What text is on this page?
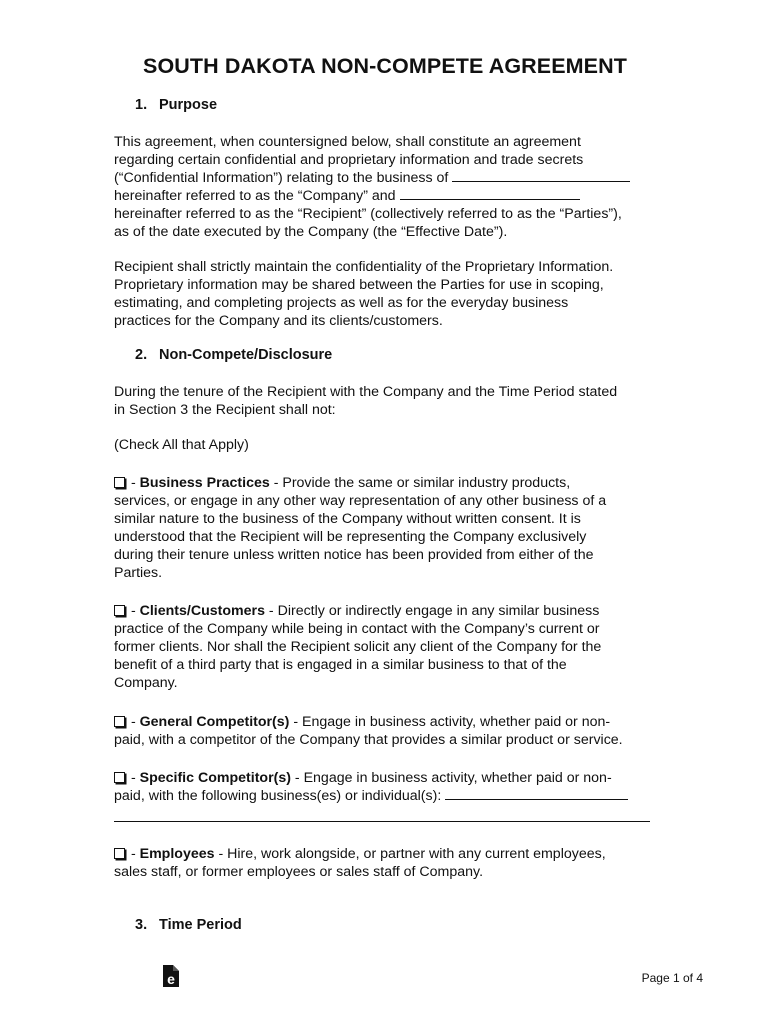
SOUTH DAKOTA NON-COMPETE AGREEMENT

1. Purpose

This agreement, when countersigned below, shall constitute an agreement
regarding certain confidential and proprietary information and trade secrets
(“Confidential Information”) relating to the business of
hereinafter referred to as the “Company” and
hereinafter referred to as the “Recipient” (collectively referred to as the “Parties”),
as of the date executed by the Company (the “Effective Date”).
Recipient shall strictly maintain the confidentiality of the Proprietary Information.
Proprietary information may be shared between the Parties for use in scoping,
estimating, and completing projects as well as for the everyday business
practices for the Company and its clients/customers.

2. Non-Compete/Disclosure

During the tenure of the Recipient with the Company and the Time Period stated
in Section 3 the Recipient shall not:
(Check All that Apply)
- Business Practices - Provide the same or similar industry products,
services, or engage in any other way representation of any other business of a
similar nature to the business of the Company without written consent. It is
understood that the Recipient will be representing the Company exclusively
during their tenure unless written notice has been provided from either of the
Parties.
- Clients/Customers - Directly or indirectly engage in any similar business
practice of the Company while being in contact with the Company’s current or
former clients. Nor shall the Recipient solicit any client of the Company for the
benefit of a third party that is engaged in a similar business to that of the
Company.
- General Competitor(s) - Engage in business activity, whether paid or non-
paid, with a competitor of the Company that provides a similar product or service.
- Specific Competitor(s) - Engage in business activity, whether paid or non-
paid, with the following business(es) or individual(s):
- Employees - Hire, work alongside, or partner with any current employees,
sales staff, or former employees or sales staff of Company.

3. Time Period

e	Page 1 of 4
